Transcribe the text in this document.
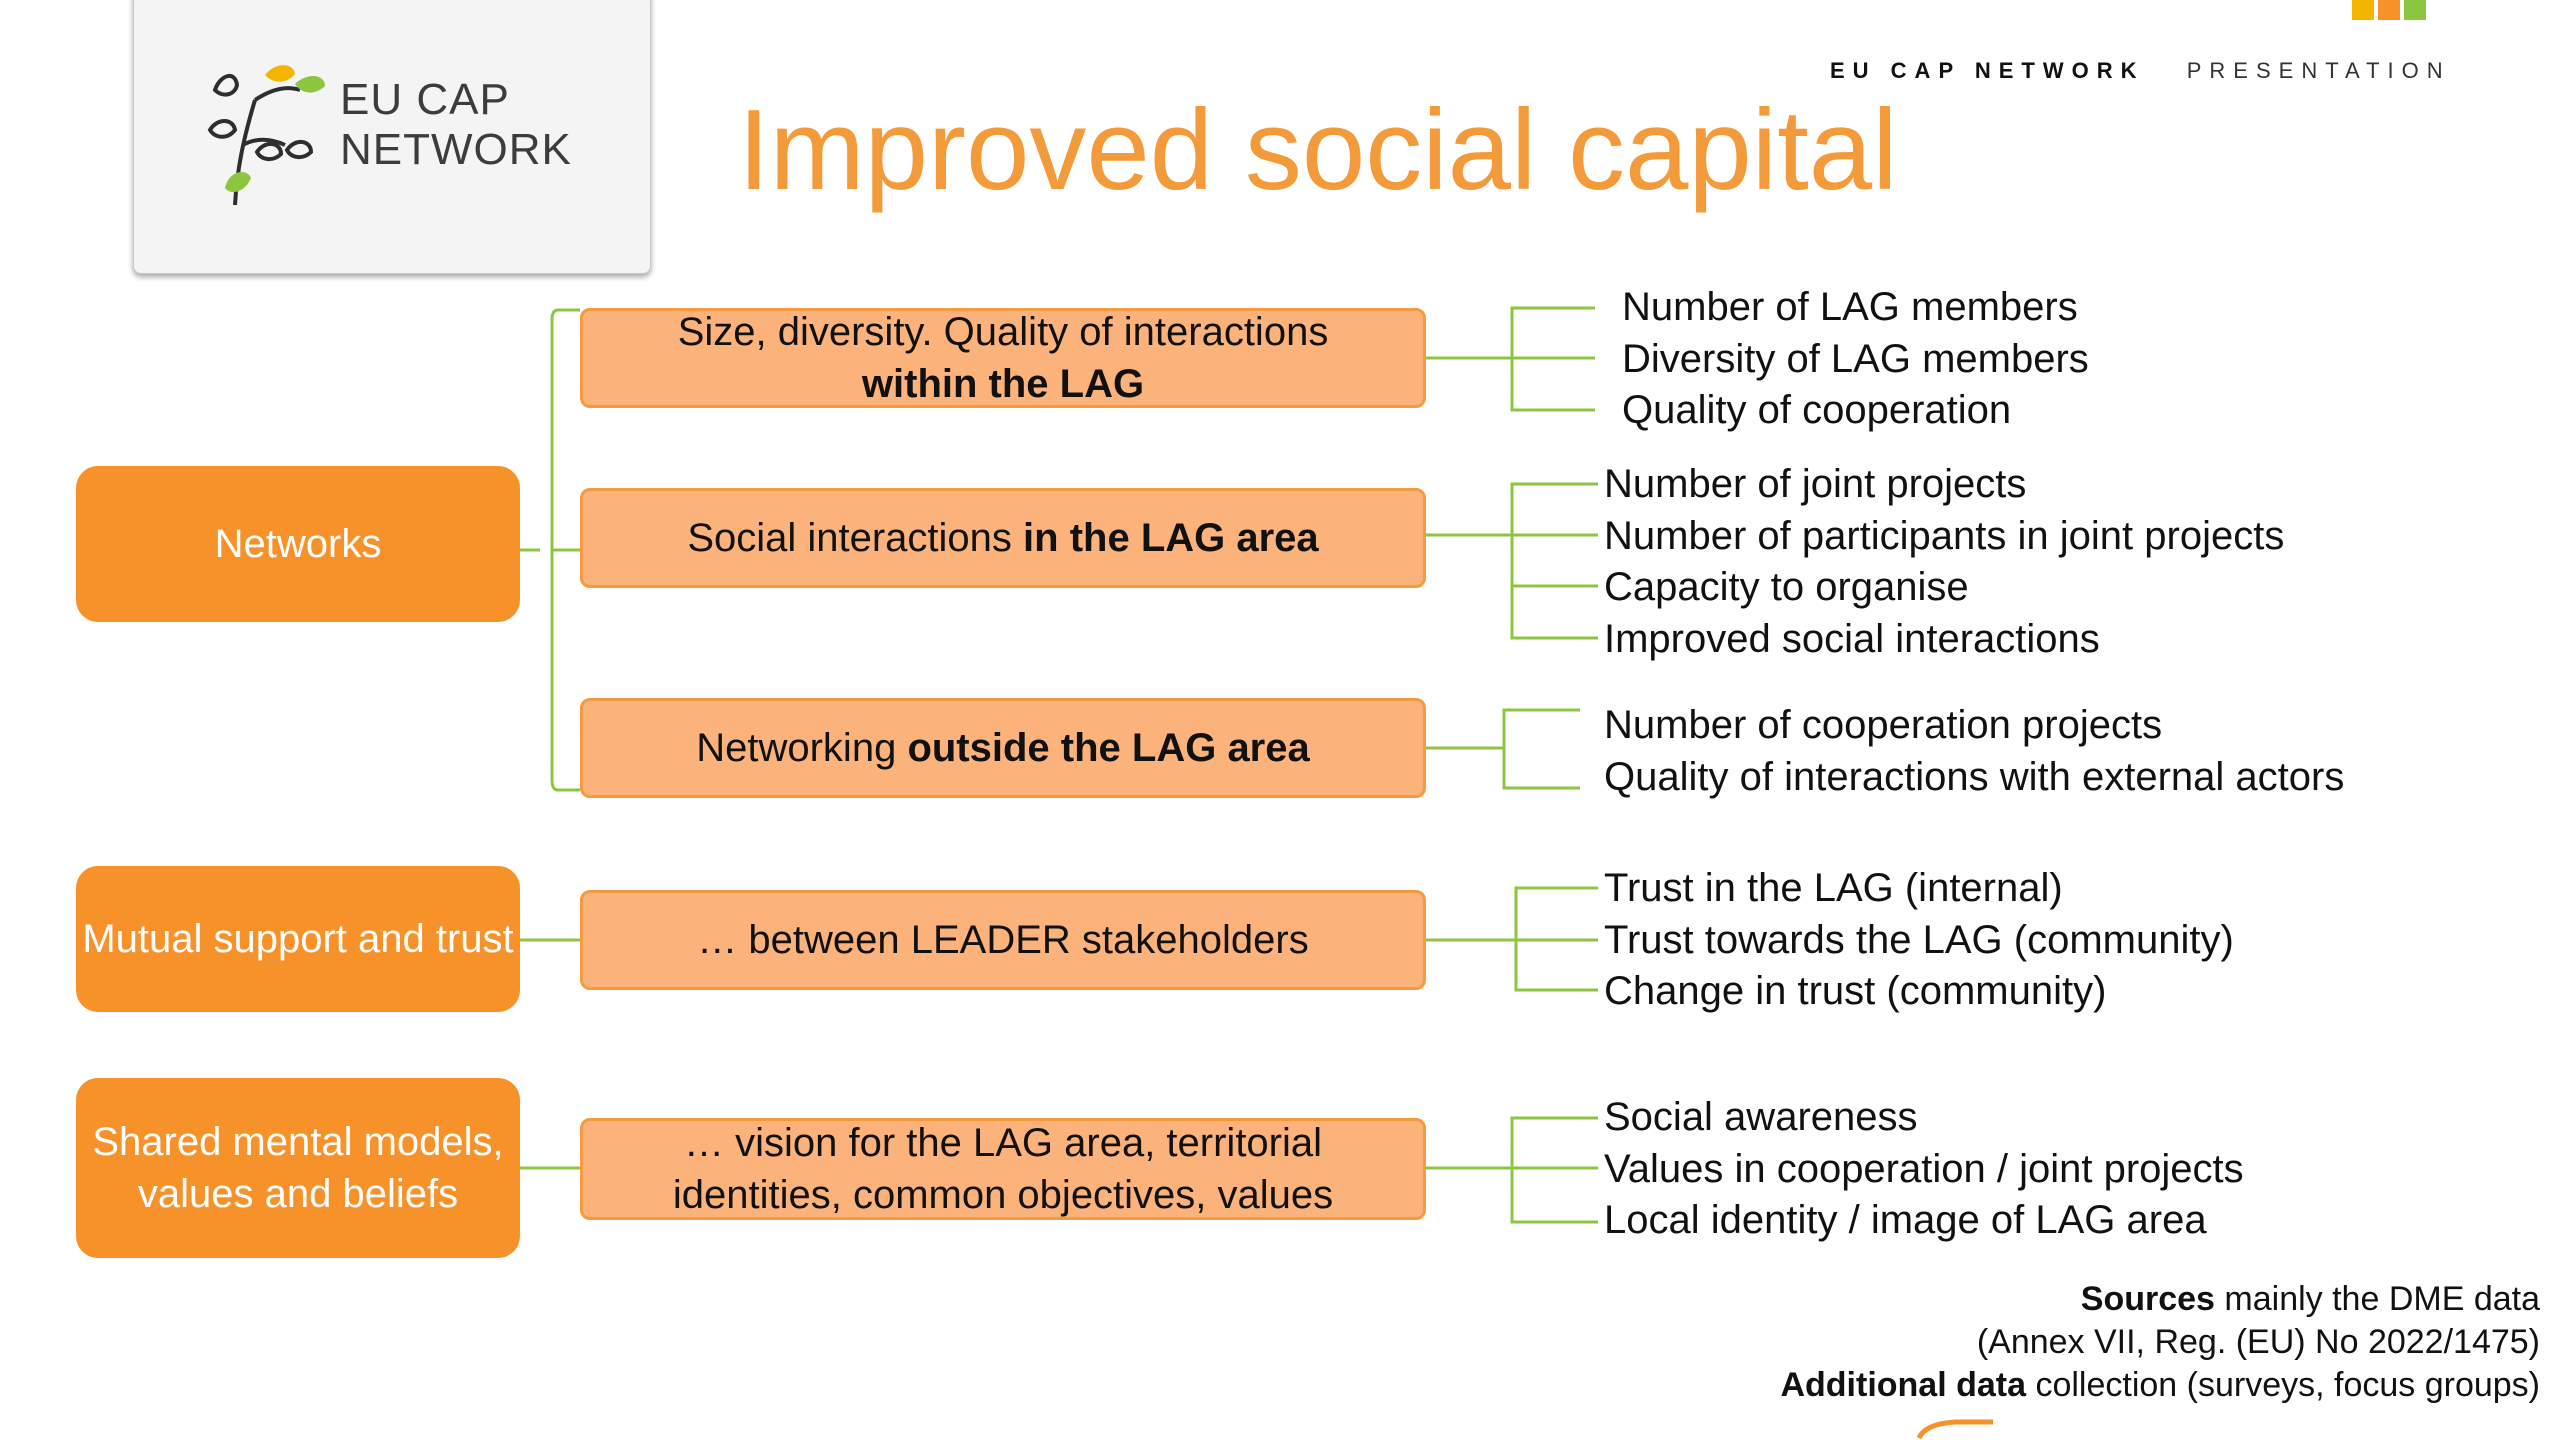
EU CAP
NETWORK
EU CAP NETWORK PRESENTATION
Improved social capital
Networks
Mutual support and trust
Shared mental models, values and beliefs
Size, diversity. Quality of interactions
within the LAG
Social interactions in the LAG area
Networking outside the LAG area
… between LEADER stakeholders
… vision for the LAG area, territorial identities, common objectives, values
Number of LAG members
Diversity of LAG members
Quality of cooperation
Number of joint projects
Number of participants in joint projects
Capacity to organise
Improved social interactions
Number of cooperation projects
Quality of interactions with external actors
Trust in the LAG (internal)
Trust towards the LAG (community)
Change in trust (community)
Social awareness
Values in cooperation / joint projects
Local identity / image of LAG area
Sources mainly the DME data
(Annex VII, Reg. (EU) No 2022/1475)
Additional data collection (surveys, focus groups)
